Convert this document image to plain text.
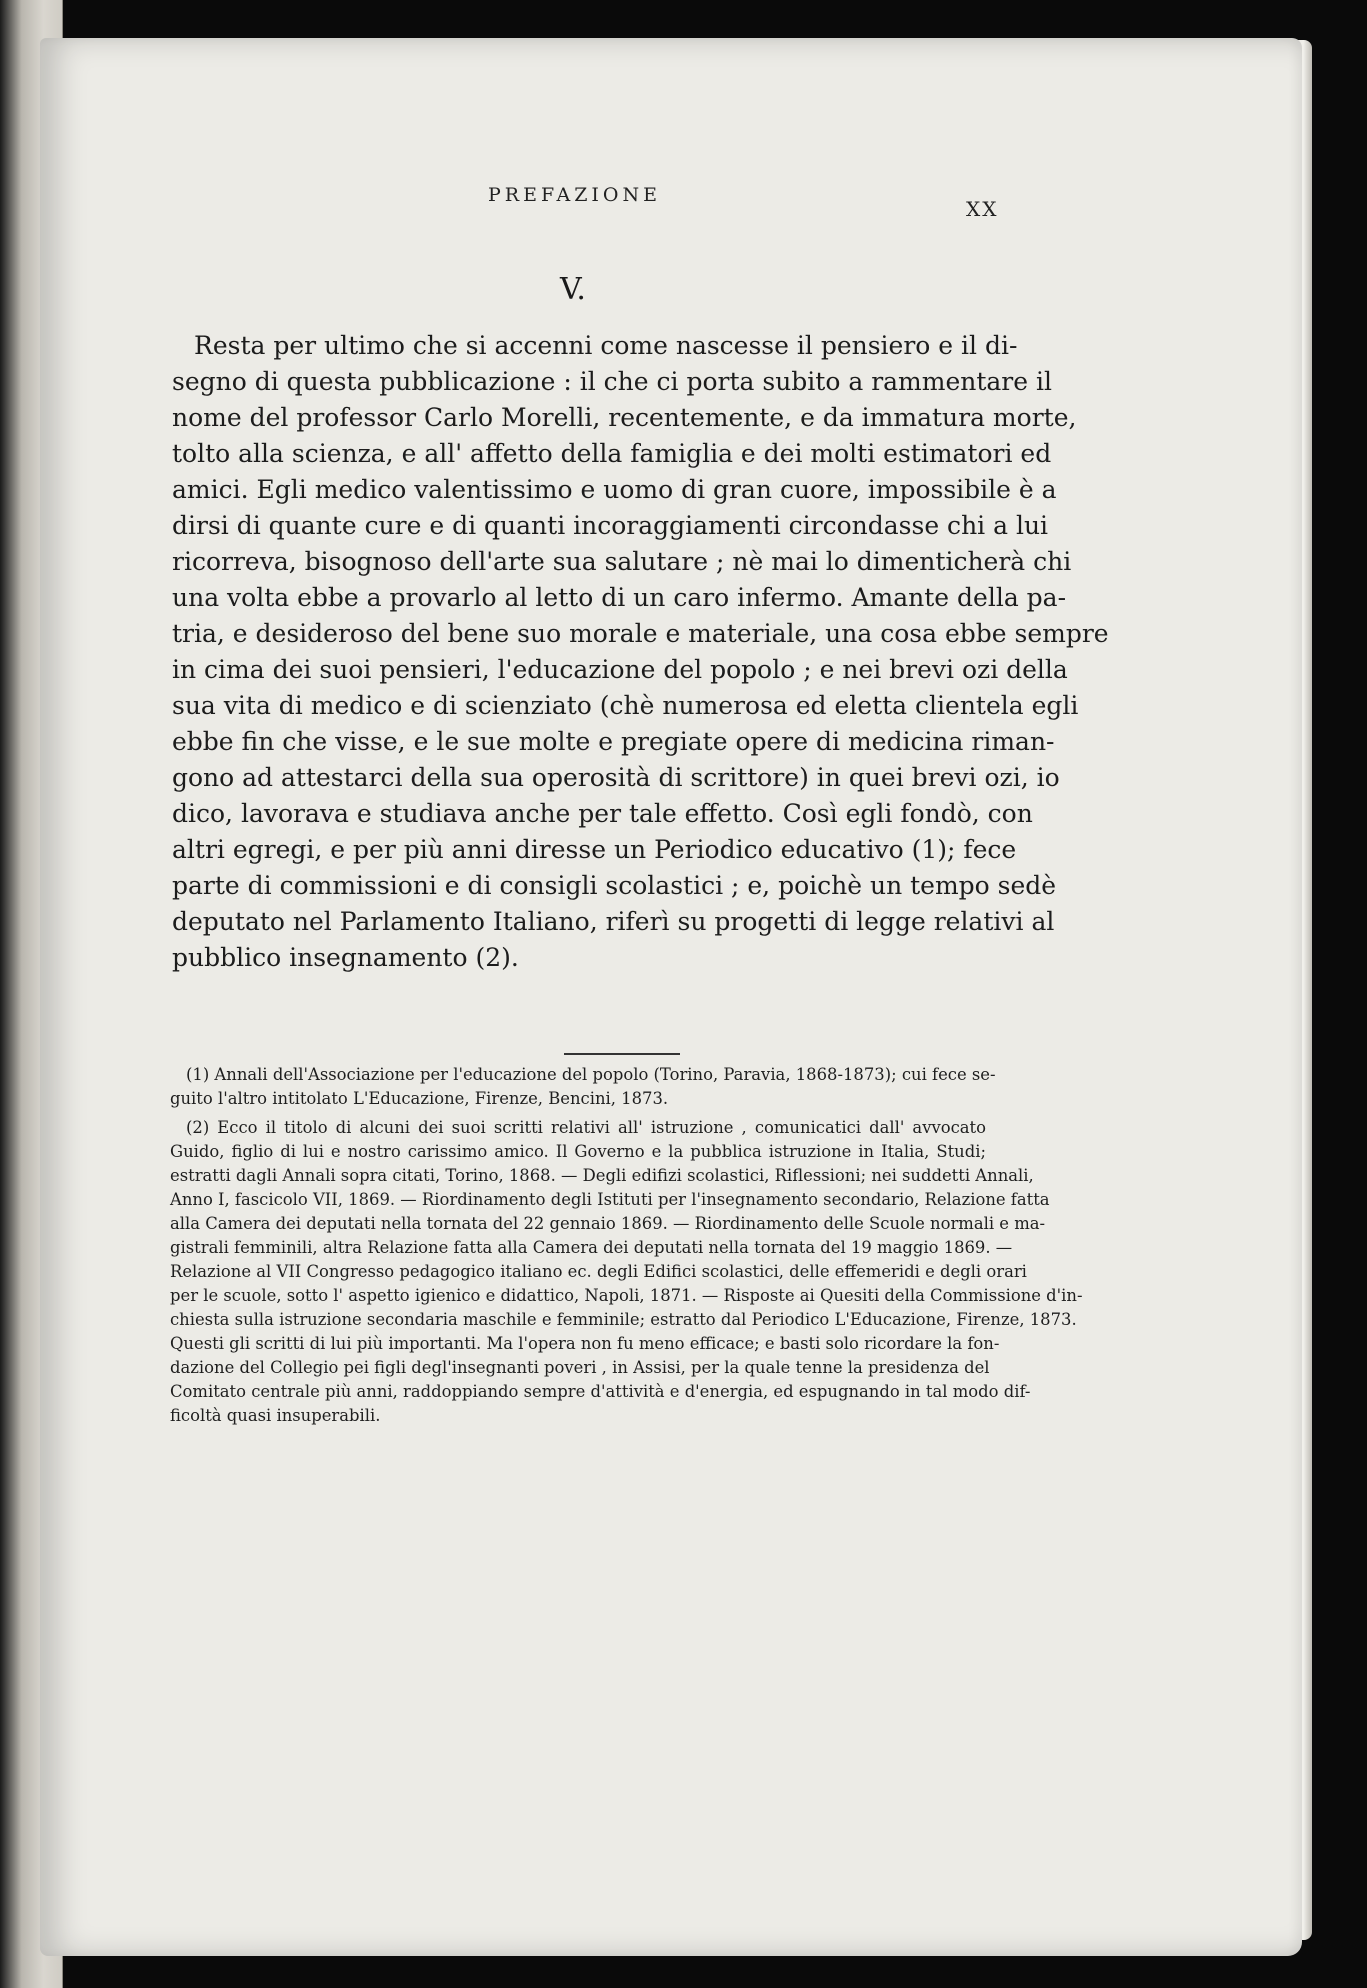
PREFAZIONE
XX
V.
Resta per ultimo che si accenni come nascesse il pensiero e il di-
segno di questa pubblicazione : il che ci porta subito a rammentare il
nome del professor Carlo Morelli, recentemente, e da immatura morte,
tolto alla scienza, e all' affetto della famiglia e dei molti estimatori ed
amici. Egli medico valentissimo e uomo di gran cuore, impossibile è a
dirsi di quante cure e di quanti incoraggiamenti circondasse chi a lui
ricorreva, bisognoso dell'arte sua salutare ; nè mai lo dimenticherà chi
una volta ebbe a provarlo al letto di un caro infermo. Amante della pa-
tria, e desideroso del bene suo morale e materiale, una cosa ebbe sempre
in cima dei suoi pensieri, l'educazione del popolo ; e nei brevi ozi della
sua vita di medico e di scienziato (chè numerosa ed eletta clientela egli
ebbe fin che visse, e le sue molte e pregiate opere di medicina riman-
gono ad attestarci della sua operosità di scrittore) in quei brevi ozi, io
dico, lavorava e studiava anche per tale effetto. Così egli fondò, con
altri egregi, e per più anni diresse un Periodico educativo (1); fece
parte di commissioni e di consigli scolastici ; e, poichè un tempo sedè
deputato nel Parlamento Italiano, riferì su progetti di legge relativi al
pubblico insegnamento (2).
(1) Annali dell'Associazione per l'educazione del popolo (Torino, Paravia, 1868-1873); cui fece se-
guito l'altro intitolato L'Educazione, Firenze, Bencini, 1873.
(2) Ecco il titolo di alcuni dei suoi scritti relativi all' istruzione , comunicatici dall' avvocato
Guido, figlio di lui e nostro carissimo amico. Il Governo e la pubblica istruzione in Italia, Studi;
estratti dagli Annali sopra citati, Torino, 1868. — Degli edifizi scolastici, Riflessioni; nei suddetti Annali,
Anno I, fascicolo VII, 1869. — Riordinamento degli Istituti per l'insegnamento secondario, Relazione fatta
alla Camera dei deputati nella tornata del 22 gennaio 1869. — Riordinamento delle Scuole normali e ma-
gistrali femminili, altra Relazione fatta alla Camera dei deputati nella tornata del 19 maggio 1869. —
Relazione al VII Congresso pedagogico italiano ec. degli Edifici scolastici, delle effemeridi e degli orari
per le scuole, sotto l' aspetto igienico e didattico, Napoli, 1871. — Risposte ai Quesiti della Commissione d'in-
chiesta sulla istruzione secondaria maschile e femminile; estratto dal Periodico L'Educazione, Firenze, 1873.
Questi gli scritti di lui più importanti. Ma l'opera non fu meno efficace; e basti solo ricordare la fon-
dazione del Collegio pei figli degl'insegnanti poveri , in Assisi, per la quale tenne la presidenza del
Comitato centrale più anni, raddoppiando sempre d'attività e d'energia, ed espugnando in tal modo dif-
ficoltà quasi insuperabili.
